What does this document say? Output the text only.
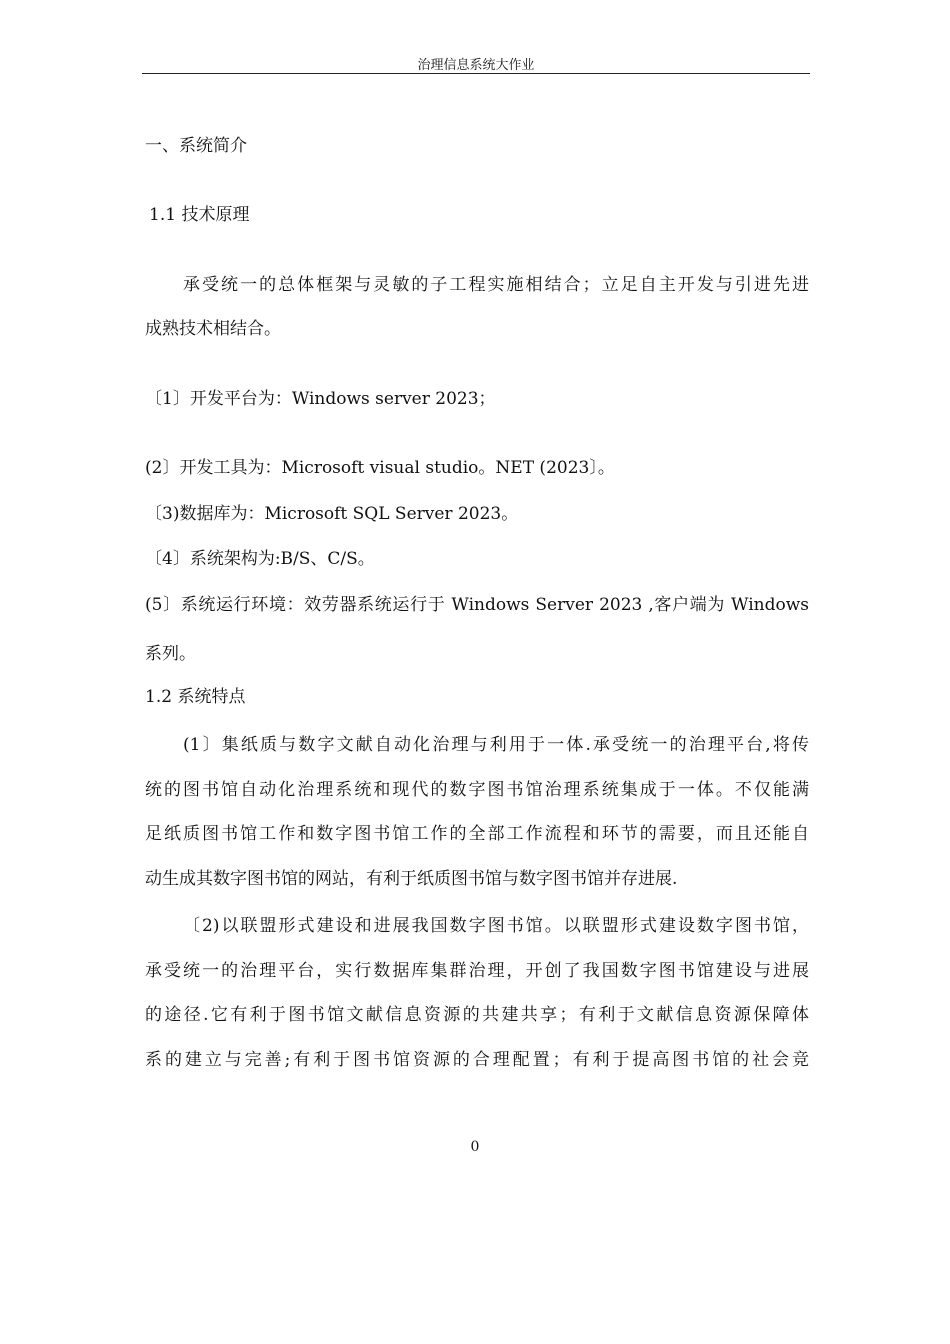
治理信息系统大作业
一、系统简介
1.1 技术原理
承受统一的总体框架与灵敏的子工程实施相结合；立足自主开发与引进先进
成熟技术相结合。
〔1〕开发平台为：Windows server 2023；
(2〕开发工具为：Microsoft visual studio。NET (2023〕。
〔3)数据库为：Microsoft SQL Server 2023。
〔4〕系统架构为:B/S、C/S。
(5〕系统运行环境：效劳器系统运行于 Windows Server 2023 ,客户端为 Windows
系列。
1.2 系统特点
(1〕集纸质与数字文献自动化治理与利用于一体.承受统一的治理平台,将传
统的图书馆自动化治理系统和现代的数字图书馆治理系统集成于一体。不仅能满
足纸质图书馆工作和数字图书馆工作的全部工作流程和环节的需要，而且还能自
动生成其数字图书馆的网站，有利于纸质图书馆与数字图书馆并存进展.
〔2)以联盟形式建设和进展我国数字图书馆。以联盟形式建设数字图书馆，
承受统一的治理平台，实行数据库集群治理，开创了我国数字图书馆建设与进展
的途径.它有利于图书馆文献信息资源的共建共享；有利于文献信息资源保障体
系的建立与完善;有利于图书馆资源的合理配置；有利于提高图书馆的社会竞
0
